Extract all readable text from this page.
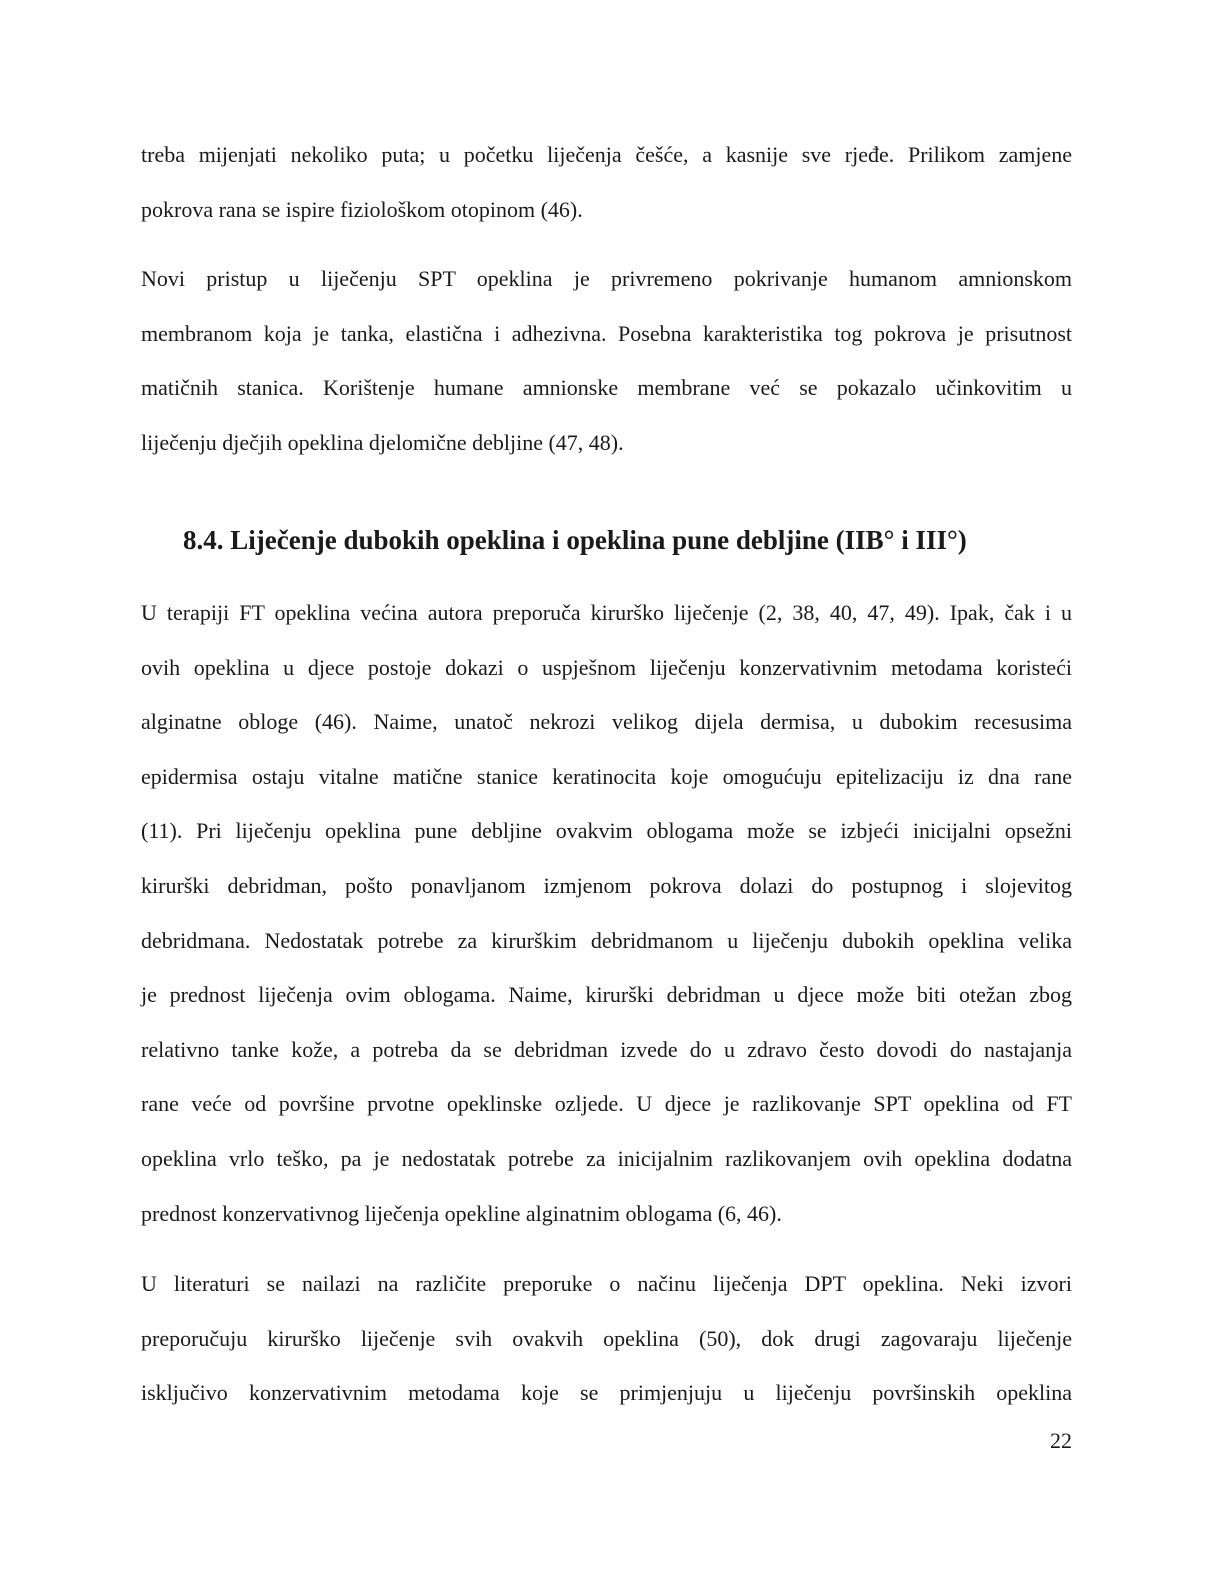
treba mijenjati nekoliko puta; u početku liječenja češće, a kasnije sve rjeđe. Prilikom zamjene
pokrova rana se ispire fiziološkom otopinom (46).
Novi pristup u liječenju SPT opeklina je privremeno pokrivanje humanom amnionskom
membranom koja je tanka, elastična i adhezivna. Posebna karakteristika tog pokrova je prisutnost
matičnih stanica. Korištenje humane amnionske membrane već se pokazalo učinkovitim u
liječenju dječjih opeklina djelomične debljine (47, 48).
8.4. Liječenje dubokih opeklina i opeklina pune debljine (IIB° i III°)
U terapiji FT opeklina većina autora preporuča kirurško liječenje (2, 38, 40, 47, 49). Ipak, čak i u
ovih opeklina u djece postoje dokazi o uspješnom liječenju konzervativnim metodama koristeći
alginatne obloge (46). Naime, unatoč nekrozi velikog dijela dermisa, u dubokim recesusima
epidermisa ostaju vitalne matične stanice keratinocita koje omogućuju epitelizaciju iz dna rane
(11). Pri liječenju opeklina pune debljine ovakvim oblogama može se izbjeći inicijalni opsežni
kirurški debridman, pošto ponavljanom izmjenom pokrova dolazi do postupnog i slojevitog
debridmana. Nedostatak potrebe za kirurškim debridmanom u liječenju dubokih opeklina velika
je prednost liječenja ovim oblogama. Naime, kirurški debridman u djece može biti otežan zbog
relativno tanke kože, a potreba da se debridman izvede do u zdravo često dovodi do nastajanja
rane veće od površine prvotne opeklinske ozljede. U djece je razlikovanje SPT opeklina od FT
opeklina vrlo teško, pa je nedostatak potrebe za inicijalnim razlikovanjem ovih opeklina dodatna
prednost konzervativnog liječenja opekline alginatnim oblogama (6, 46).
U literaturi se nailazi na različite preporuke o načinu liječenja DPT opeklina. Neki izvori
preporučuju kirurško liječenje svih ovakvih opeklina (50), dok drugi zagovaraju liječenje
isključivo konzervativnim metodama koje se primjenjuju u liječenju površinskih opeklina
22
